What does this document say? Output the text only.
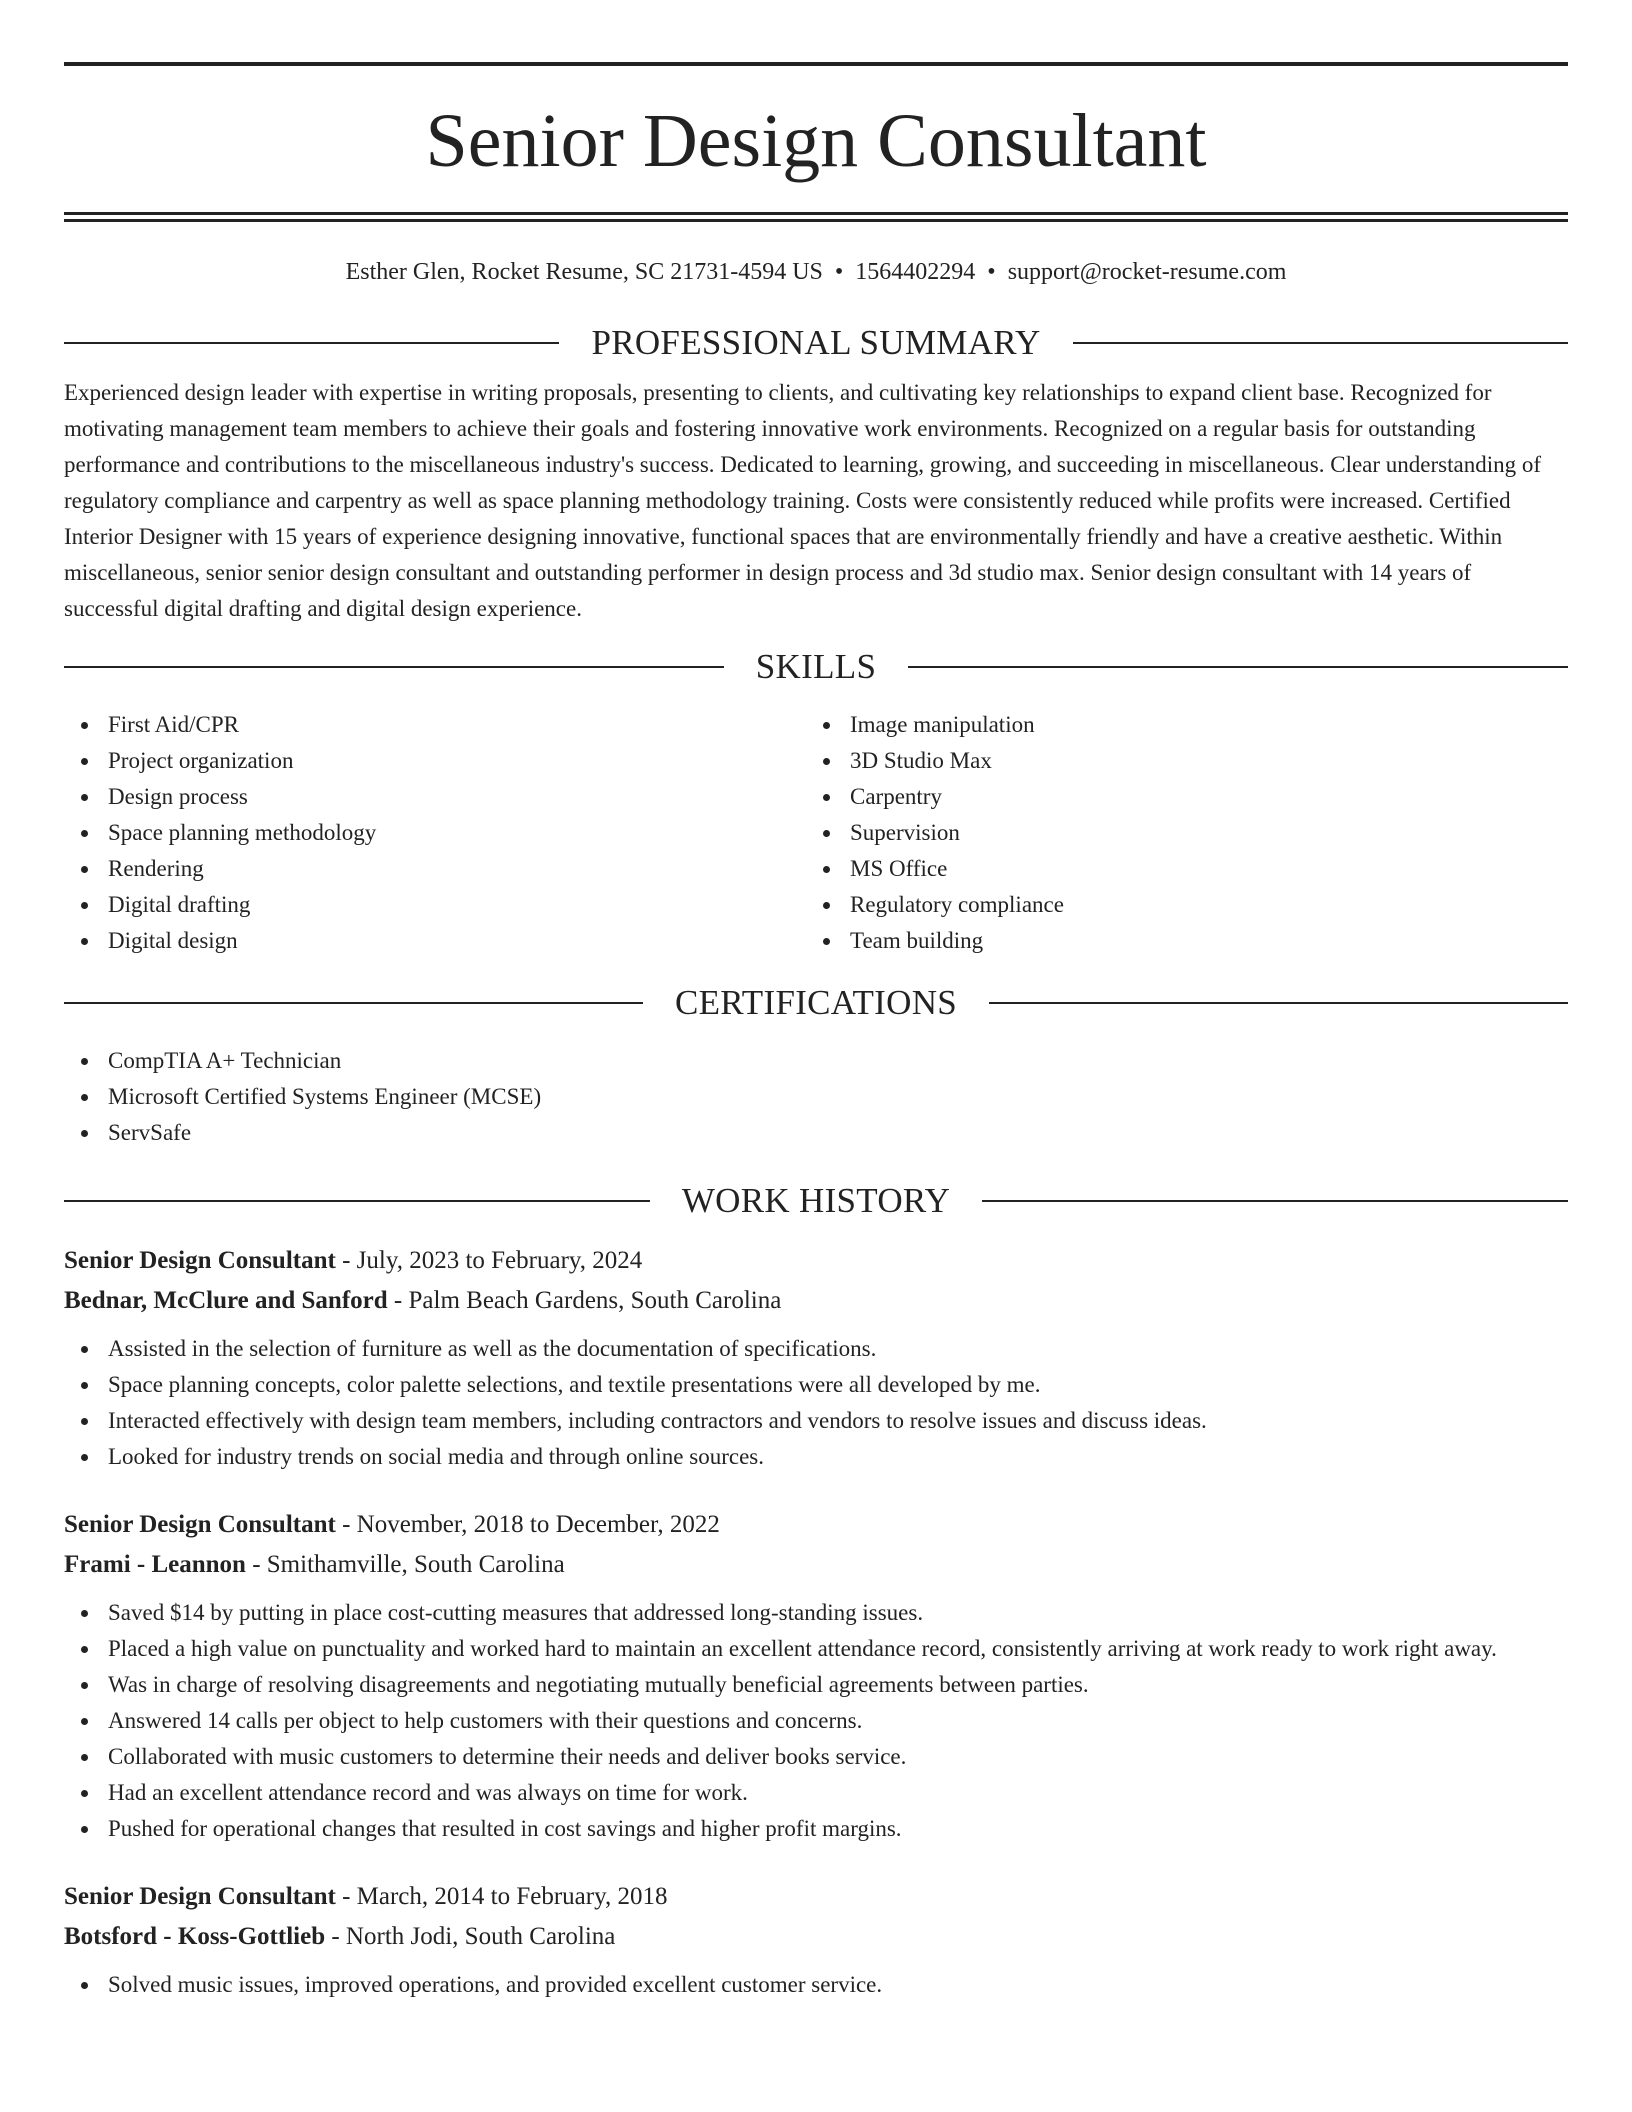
Senior Design Consultant
Esther Glen, Rocket Resume, SC 21731-4594 US • 1564402294 • support@rocket-resume.com
PROFESSIONAL SUMMARY
Experienced design leader with expertise in writing proposals, presenting to clients, and cultivating key relationships to expand client base. Recognized for motivating management team members to achieve their goals and fostering innovative work environments. Recognized on a regular basis for outstanding performance and contributions to the miscellaneous industry's success. Dedicated to learning, growing, and succeeding in miscellaneous. Clear understanding of regulatory compliance and carpentry as well as space planning methodology training. Costs were consistently reduced while profits were increased. Certified Interior Designer with 15 years of experience designing innovative, functional spaces that are environmentally friendly and have a creative aesthetic. Within miscellaneous, senior senior design consultant and outstanding performer in design process and 3d studio max. Senior design consultant with 14 years of successful digital drafting and digital design experience.
SKILLS
First Aid/CPR
Project organization
Design process
Space planning methodology
Rendering
Digital drafting
Digital design
Image manipulation
3D Studio Max
Carpentry
Supervision
MS Office
Regulatory compliance
Team building
CERTIFICATIONS
CompTIA A+ Technician
Microsoft Certified Systems Engineer (MCSE)
ServSafe
WORK HISTORY
Senior Design Consultant - July, 2023 to February, 2024
Bednar, McClure and Sanford - Palm Beach Gardens, South Carolina
Assisted in the selection of furniture as well as the documentation of specifications.
Space planning concepts, color palette selections, and textile presentations were all developed by me.
Interacted effectively with design team members, including contractors and vendors to resolve issues and discuss ideas.
Looked for industry trends on social media and through online sources.
Senior Design Consultant - November, 2018 to December, 2022
Frami - Leannon - Smithamville, South Carolina
Saved $14 by putting in place cost-cutting measures that addressed long-standing issues.
Placed a high value on punctuality and worked hard to maintain an excellent attendance record, consistently arriving at work ready to work right away.
Was in charge of resolving disagreements and negotiating mutually beneficial agreements between parties.
Answered 14 calls per object to help customers with their questions and concerns.
Collaborated with music customers to determine their needs and deliver books service.
Had an excellent attendance record and was always on time for work.
Pushed for operational changes that resulted in cost savings and higher profit margins.
Senior Design Consultant - March, 2014 to February, 2018
Botsford - Koss-Gottlieb - North Jodi, South Carolina
Solved music issues, improved operations, and provided excellent customer service.
